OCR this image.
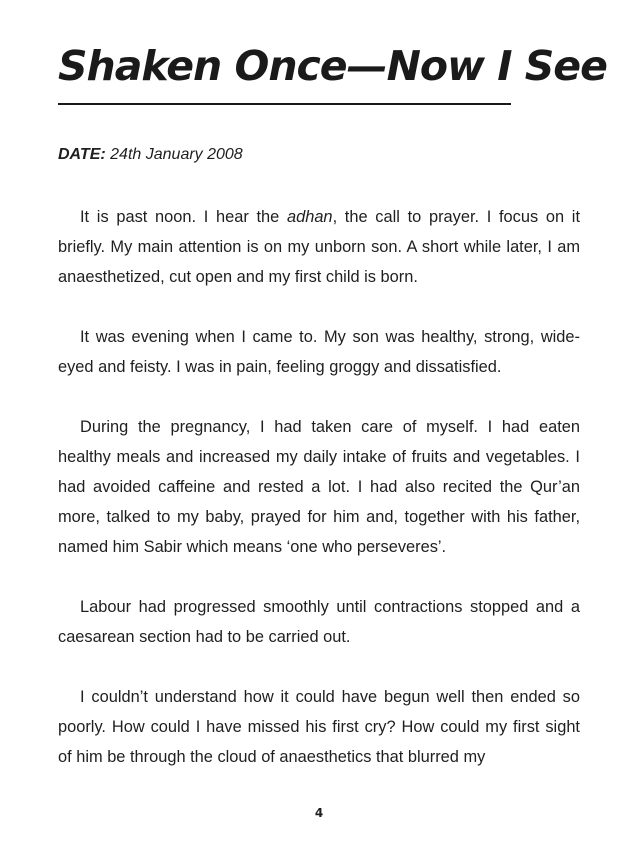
Shaken Once—Now I See
DATE: 24th January 2008

It is past noon. I hear the adhan, the call to prayer. I focus on it briefly. My main attention is on my unborn son. A short while later, I am anaesthetized, cut open and my first child is born.

It was evening when I came to. My son was healthy, strong, wide-eyed and feisty. I was in pain, feeling groggy and dissatisfied.

During the pregnancy, I had taken care of myself. I had eaten healthy meals and increased my daily intake of fruits and vegetables. I had avoided caffeine and rested a lot. I had also recited the Qur’an more, talked to my baby, prayed for him and, together with his father, named him Sabir which means ‘one who perseveres’.

Labour had progressed smoothly until contractions stopped and a caesarean section had to be carried out.

I couldn’t understand how it could have begun well then ended so poorly. How could I have missed his first cry? How could my first sight of him be through the cloud of anaesthetics that blurred my

4
